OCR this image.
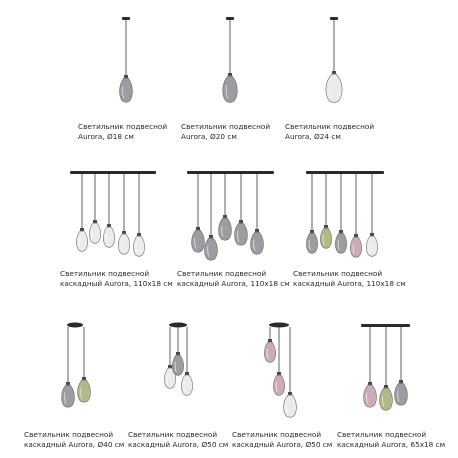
Светильник подвесной
Aurora, Ø18 см
Светильник подвесной
Aurora, Ø20 см
Светильник подвесной
Aurora, Ø24 см
Светильник подвесной
каскадный Aurora, 110х18 см
Светильник подвесной
каскадный Aurora, 110х18 см
Светильник подвесной
каскадный Aurora, 110х18 см
Светильник подвесной
каскадный Aurora, Ø40 см
Светильник подвесной
каскадный Aurora, Ø50 см
Светильник подвесной
каскадный Aurora, Ø50 см
Светильник подвесной
каскадный Aurora, 65х18 см
